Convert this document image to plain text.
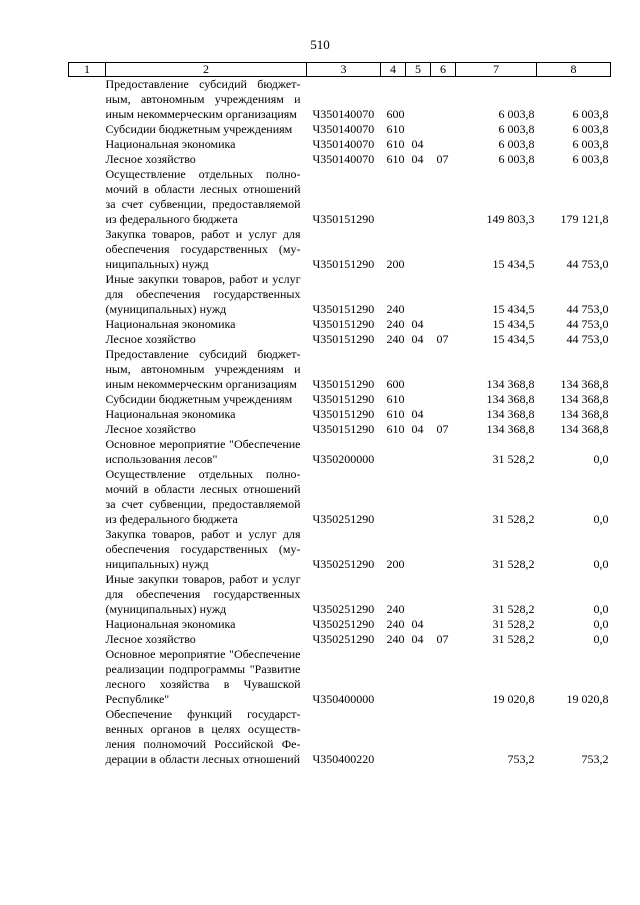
510
1	2	3	4	5	6	7	8
	Предоставление субсидий бюджетным, автономным учреждениям и иным некоммерческим организациям	Ч350140070	600			6 003,8	6 003,8
	Субсидии бюджетным учреждениям	Ч350140070	610			6 003,8	6 003,8
	Национальная экономика	Ч350140070	610	04		6 003,8	6 003,8
	Лесное хозяйство	Ч350140070	610	04	07	6 003,8	6 003,8
	Осуществление отдельных полномочий в области лесных отношений за счет субвенции, предоставляемой из федерального бюджета	Ч350151290				149 803,3	179 121,8
	Закупка товаров, работ и услуг для обеспечения государственных (муниципальных) нужд	Ч350151290	200			15 434,5	44 753,0
	Иные закупки товаров, работ и услуг для обеспечения государственных (муниципальных) нужд	Ч350151290	240			15 434,5	44 753,0
	Национальная экономика	Ч350151290	240	04		15 434,5	44 753,0
	Лесное хозяйство	Ч350151290	240	04	07	15 434,5	44 753,0
	Предоставление субсидий бюджетным, автономным учреждениям и иным некоммерческим организациям	Ч350151290	600			134 368,8	134 368,8
	Субсидии бюджетным учреждениям	Ч350151290	610			134 368,8	134 368,8
	Национальная экономика	Ч350151290	610	04		134 368,8	134 368,8
	Лесное хозяйство	Ч350151290	610	04	07	134 368,8	134 368,8
	Основное мероприятие "Обеспечение использования лесов"	Ч350200000				31 528,2	0,0
	Осуществление отдельных полномочий в области лесных отношений за счет субвенции, предоставляемой из федерального бюджета	Ч350251290				31 528,2	0,0
	Закупка товаров, работ и услуг для обеспечения государственных (муниципальных) нужд	Ч350251290	200			31 528,2	0,0
	Иные закупки товаров, работ и услуг для обеспечения государственных (муниципальных) нужд	Ч350251290	240			31 528,2	0,0
	Национальная экономика	Ч350251290	240	04		31 528,2	0,0
	Лесное хозяйство	Ч350251290	240	04	07	31 528,2	0,0
	Основное мероприятие "Обеспечение реализации подпрограммы "Развитие лесного хозяйства в Чувашской Республике"	Ч350400000				19 020,8	19 020,8
	Обеспечение функций государственных органов в целях осуществления полномочий Российской Федерации в области лесных отношений	Ч350400220				753,2	753,2
